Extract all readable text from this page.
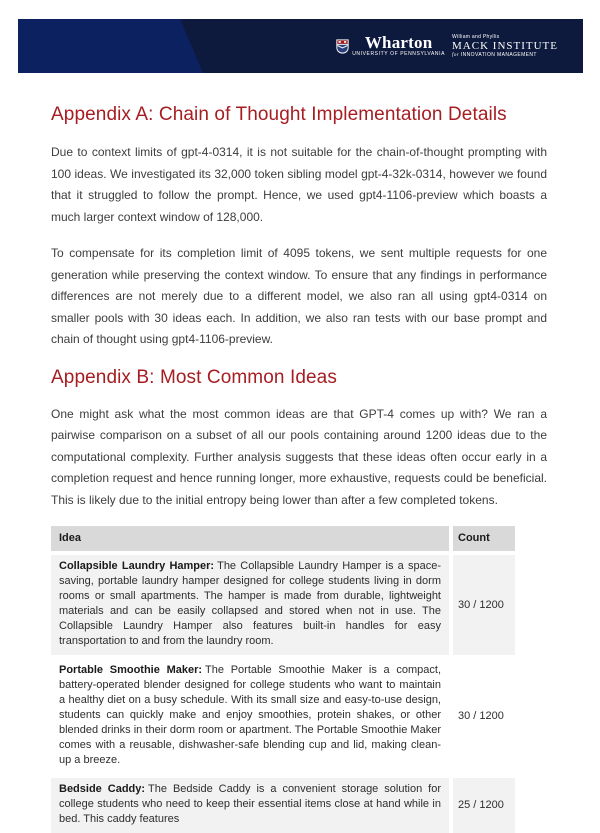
Wharton
UNIVERSITY OF PENNSYLVANIA
William and Phyllis
MACK INSTITUTE
for INNOVATION MANAGEMENT
Appendix A: Chain of Thought Implementation Details

Due to context limits of gpt-4-0314, it is not suitable for the chain-of-thought prompting with 100 ideas. We investigated its 32,000 token sibling model gpt-4-32k-0314, however we found that it struggled to follow the prompt. Hence, we used gpt4-1106-preview which boasts a much larger context window of 128,000.

To compensate for its completion limit of 4095 tokens, we sent multiple requests for one generation while preserving the context window. To ensure that any findings in performance differences are not merely due to a different model, we also ran all using gpt4-0314 on smaller pools with 30 ideas each. In addition, we also ran tests with our base prompt and chain of thought using gpt4-1106-preview.

Appendix B: Most Common Ideas

One might ask what the most common ideas are that GPT-4 comes up with? We ran a pairwise comparison on a subset of all our pools containing around 1200 ideas due to the computational complexity. Further analysis suggests that these ideas often occur early in a completion request and hence running longer, more exhaustive, requests could be beneficial. This is likely due to the initial entropy being lower than after a few completed tokens.

Idea	Count
Collapsible Laundry Hamper: The Collapsible Laundry Hamper is a space-saving, portable laundry hamper designed for college students living in dorm rooms or small apartments. The hamper is made from durable, lightweight materials and can be easily collapsed and stored when not in use. The Collapsible Laundry Hamper also features built-in handles for easy transportation to and from the laundry room.
30 / 1200
Portable Smoothie Maker: The Portable Smoothie Maker is a compact, battery-operated blender designed for college students who want to maintain a healthy diet on a busy schedule. With its small size and easy-to-use design, students can quickly make and enjoy smoothies, protein shakes, or other blended drinks in their dorm room or apartment. The Portable Smoothie Maker comes with a reusable, dishwasher-safe blending cup and lid, making clean-up a breeze.
30 / 1200
Bedside Caddy: The Bedside Caddy is a convenient storage solution for college students who need to keep their essential items close at hand while in bed. This caddy features
25 / 1200
